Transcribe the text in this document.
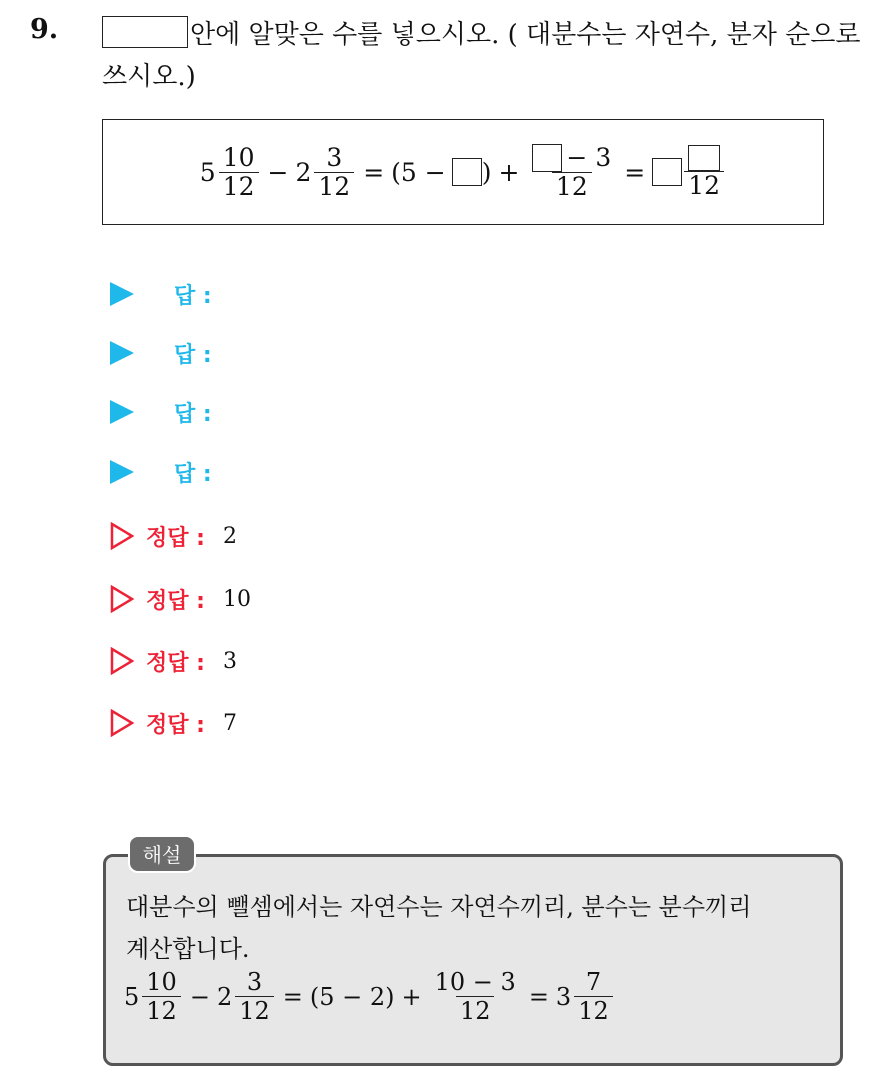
9.	안에 알맞은 수를 넣으시오. ( 대분수는 자연수, 분자 순으로
쓰시오.)
$5 \frac{10}{12} - 2 \frac{3}{12} = (5$ − ) + $\frac{- 3}{12} = 12$
답 :
답 :
답 :
답 :
정답 : 2
정답 : 10
정답 : 3
정답 : 7
해설
대분수의 뺄셈에서는 자연수는 자연수끼리, 분수는 분수끼리
계산합니다.
$5 \frac{10}{12} - 2 \frac{3}{12} = (5 - 2) + \frac{10 - 3}{12} = 3 \frac{7}{12}$
